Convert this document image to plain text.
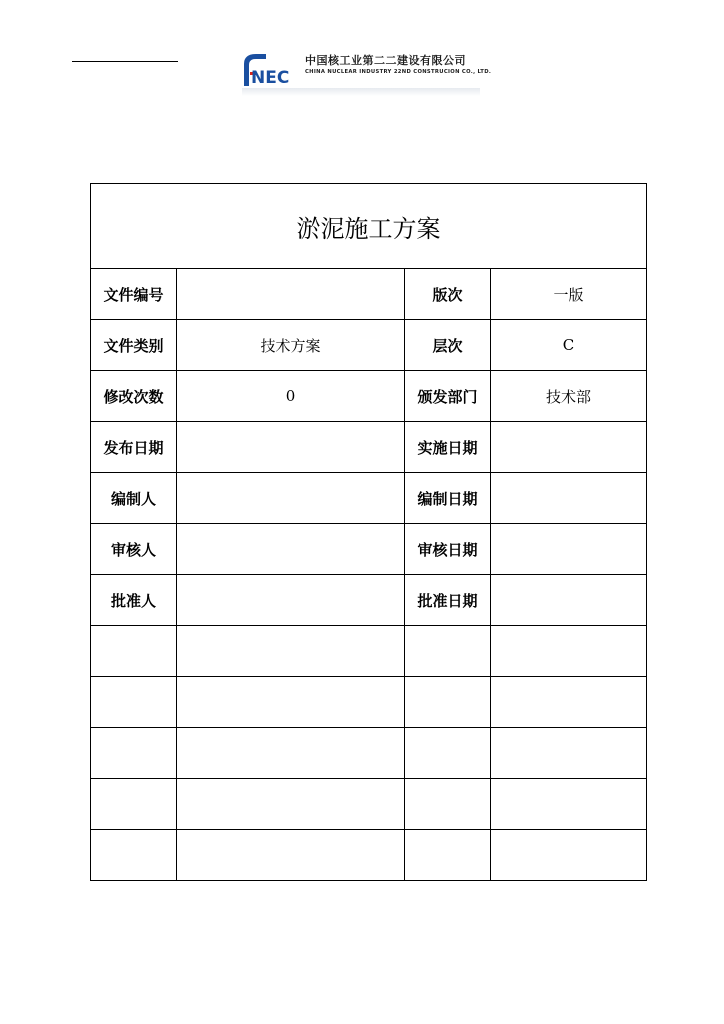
NEC
中国核工业第二二建设有限公司
CHINA NUCLEAR INDUSTRY 22ND CONSTRUCION CO., LTD.
淤泥施工方案			
文件编号		版次	一版
文件类别	技术方案	层次	C
修改次数	0	颁发部门	技术部
发布日期		实施日期	
编制人		编制日期	
审核人		审核日期	
批准人		批准日期	
